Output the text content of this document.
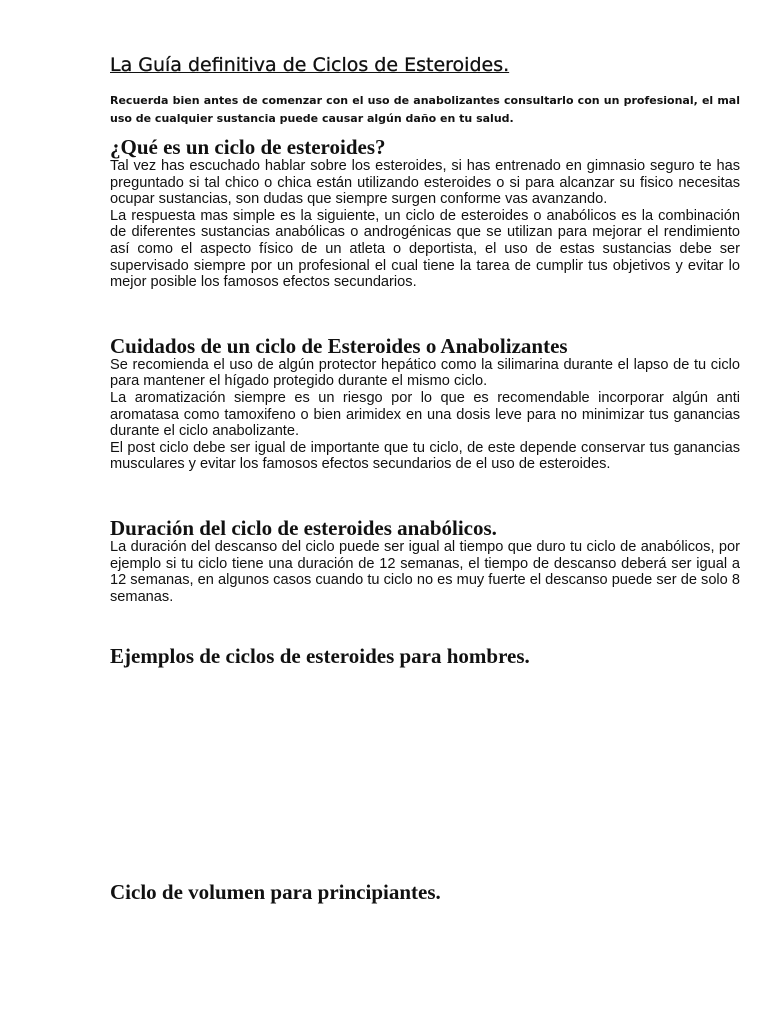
La Guía definitiva de Ciclos de Esteroides.

Recuerda bien antes de comenzar con el uso de anabolizantes consultarlo con un profesional, el mal uso de cualquier sustancia puede causar algún daño en tu salud.

¿Qué es un ciclo de esteroides?

Tal vez has escuchado hablar sobre los esteroides, si has entrenado en gimnasio seguro te has preguntado si tal chico o chica están utilizando esteroides o si para alcanzar su fisico necesitas ocupar sustancias, son dudas que siempre surgen conforme vas avanzando.

La respuesta mas simple es la siguiente, un ciclo de esteroides o anabólicos es la combinación de diferentes sustancias anabólicas o androgénicas que se utilizan para mejorar el rendimiento así como el aspecto físico de un atleta o deportista, el uso de estas sustancias debe ser supervisado siempre por un profesional el cual tiene la tarea de cumplir tus objetivos y evitar lo mejor posible los famosos efectos secundarios.

Cuidados de un ciclo de Esteroides o Anabolizantes

Se recomienda el uso de algún protector hepático como la silimarina durante el lapso de tu ciclo para mantener el hígado protegido durante el mismo ciclo.

La aromatización siempre es un riesgo por lo que es recomendable incorporar algún anti aromatasa como tamoxifeno o bien arimidex en una dosis leve para no minimizar tus ganancias durante el ciclo anabolizante.

El post ciclo debe ser igual de importante que tu ciclo, de este depende conservar tus ganancias musculares y evitar los famosos efectos secundarios de el uso de esteroides.

Duración del ciclo de esteroides anabólicos.

La duración del descanso del ciclo puede ser igual al tiempo que duro tu ciclo de anabólicos, por ejemplo si tu ciclo tiene una duración de 12 semanas, el tiempo de descanso deberá ser igual a 12 semanas, en algunos casos cuando tu ciclo no es muy fuerte el descanso puede ser de solo 8 semanas.

Ejemplos de ciclos de esteroides para hombres.
Ciclo de volumen para principiantes.
